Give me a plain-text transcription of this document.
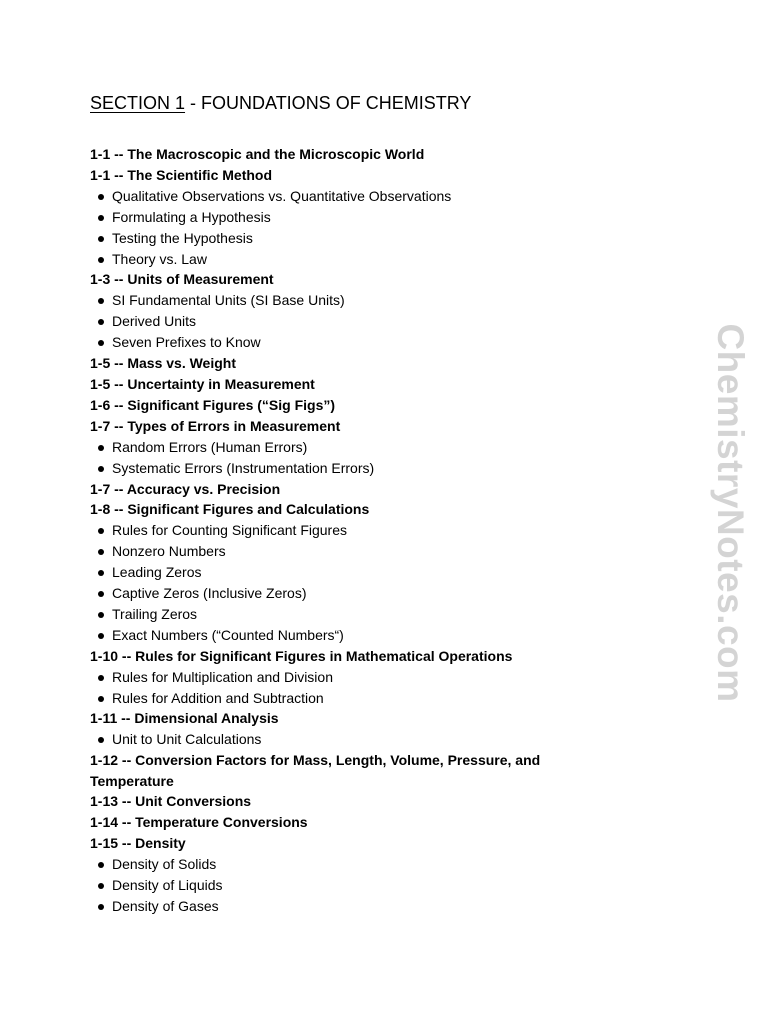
SECTION 1 - FOUNDATIONS OF CHEMISTRY
1-1 -- The Macroscopic and the Microscopic World
1-1 -- The Scientific Method
Qualitative Observations vs. Quantitative Observations
Formulating a Hypothesis
Testing the Hypothesis
Theory vs. Law
1-3 -- Units of Measurement
SI Fundamental Units (SI Base Units)
Derived Units
Seven Prefixes to Know
1-5 -- Mass vs. Weight
1-5 -- Uncertainty in Measurement
1-6 -- Significant Figures (“Sig Figs”)
1-7 -- Types of Errors in Measurement
Random Errors (Human Errors)
Systematic Errors (Instrumentation Errors)
1-7 -- Accuracy vs. Precision
1-8 -- Significant Figures and Calculations
Rules for Counting Significant Figures
Nonzero Numbers
Leading Zeros
Captive Zeros (Inclusive Zeros)
Trailing Zeros
Exact Numbers (“Counted Numbers“)
1-10 -- Rules for Significant Figures in Mathematical Operations
Rules for Multiplication and Division
Rules for Addition and Subtraction
1-11 -- Dimensional Analysis
Unit to Unit Calculations
1-12 -- Conversion Factors for Mass, Length, Volume, Pressure, and Temperature
1-13 -- Unit Conversions
1-14 -- Temperature Conversions
1-15 -- Density
Density of Solids
Density of Liquids
Density of Gases
ChemistryNotes.com
